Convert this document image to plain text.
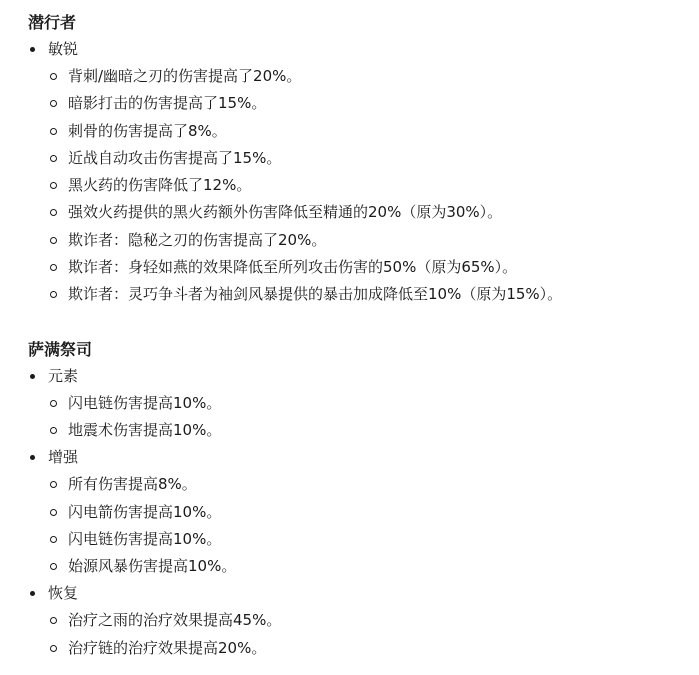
潜行者
敏锐
背刺/幽暗之刃的伤害提高了20%。
暗影打击的伤害提高了15%。
刺骨的伤害提高了8%。
近战自动攻击伤害提高了15%。
黑火药的伤害降低了12%。
强效火药提供的黑火药额外伤害降低至精通的20%（原为30%）。
欺诈者：隐秘之刃的伤害提高了20%。
欺诈者：身轻如燕的效果降低至所列攻击伤害的50%（原为65%）。
欺诈者：灵巧争斗者为袖剑风暴提供的暴击加成降低至10%（原为15%）。
萨满祭司
元素
闪电链伤害提高10%。
地震术伤害提高10%。
增强
所有伤害提高8%。
闪电箭伤害提高10%。
闪电链伤害提高10%。
始源风暴伤害提高10%。
恢复
治疗之雨的治疗效果提高45%。
治疗链的治疗效果提高20%。
